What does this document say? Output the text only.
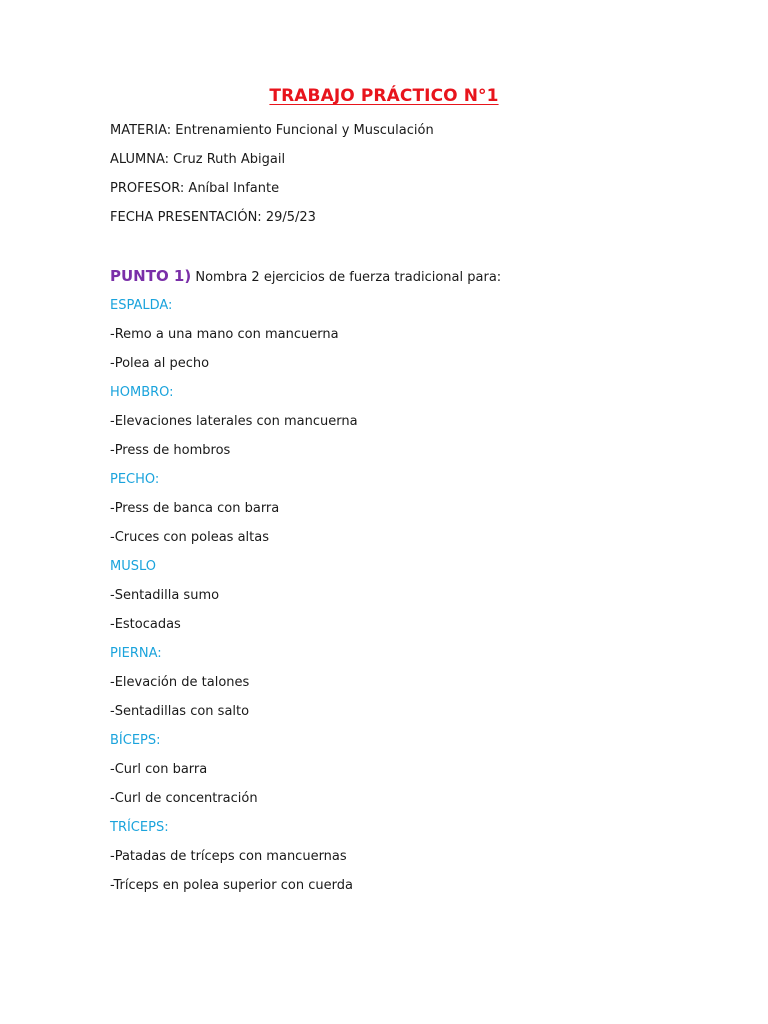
TRABAJO PRÁCTICO N°1
MATERIA: Entrenamiento Funcional y Musculación
ALUMNA: Cruz Ruth Abigail
PROFESOR: Aníbal Infante
FECHA PRESENTACIÓN: 29/5/23
PUNTO 1) Nombra 2 ejercicios de fuerza tradicional para:
ESPALDA:
-Remo a una mano con mancuerna
-Polea al pecho
HOMBRO:
-Elevaciones laterales con mancuerna
-Press de hombros
PECHO:
-Press de banca con barra
-Cruces con poleas altas
MUSLO
-Sentadilla sumo
-Estocadas
PIERNA:
-Elevación de talones
-Sentadillas con salto
BÍCEPS:
-Curl con barra
-Curl de concentración
TRÍCEPS:
-Patadas de tríceps con mancuernas
-Tríceps en polea superior con cuerda
